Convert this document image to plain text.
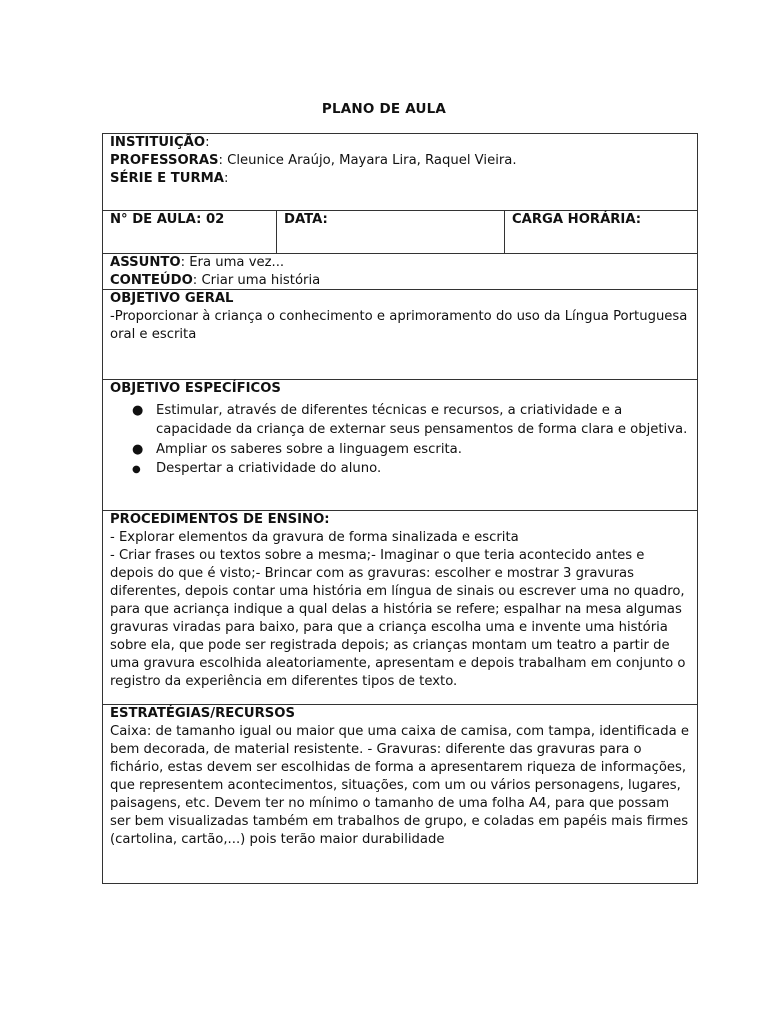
PLANO DE AULA
INSTITUIÇÃO:
PROFESSORAS: Cleunice Araújo, Mayara Lira, Raquel Vieira.
SÉRIE E TURMA:
N° DE AULA: 02	DATA:	CARGA HORÁRIA:
ASSUNTO: Era uma vez...
CONTEÚDO: Criar uma história
OBJETIVO GERAL

-Proporcionar à criança o conhecimento e aprimoramento do uso da Língua Portuguesa oral e escrita

OBJETIVO ESPECÍFICOS
● Estimular, através de diferentes técnicas e recursos, a criatividade e a capacidade da criança de externar seus pensamentos de forma clara e objetiva.
● Ampliar os saberes sobre a linguagem escrita.
● Despertar a criatividade do aluno.
PROCEDIMENTOS DE ENSINO:

- Explorar elementos da gravura de forma sinalizada e escrita

- Criar frases ou textos sobre a mesma;- Imaginar o que teria acontecido antes e depois do que é visto;- Brincar com as gravuras: escolher e mostrar 3 gravuras diferentes, depois contar uma história em língua de sinais ou escrever uma no quadro, para que acriança indique a qual delas a história se refere; espalhar na mesa algumas gravuras viradas para baixo, para que a criança escolha uma e invente uma história sobre ela, que pode ser registrada depois; as crianças montam um teatro a partir de uma gravura escolhida aleatoriamente, apresentam e depois trabalham em conjunto o registro da experiência em diferentes tipos de texto.

ESTRATÉGIAS/RECURSOS

Caixa: de tamanho igual ou maior que uma caixa de camisa, com tampa, identificada e bem decorada, de material resistente. - Gravuras: diferente das gravuras para o fichário, estas devem ser escolhidas de forma a apresentarem riqueza de informações, que representem acontecimentos, situações, com um ou vários personagens, lugares, paisagens, etc. Devem ter no mínimo o tamanho de uma folha A4, para que possam ser bem visualizadas também em trabalhos de grupo, e coladas em papéis mais firmes (cartolina, cartão,...) pois terão maior durabilidade
